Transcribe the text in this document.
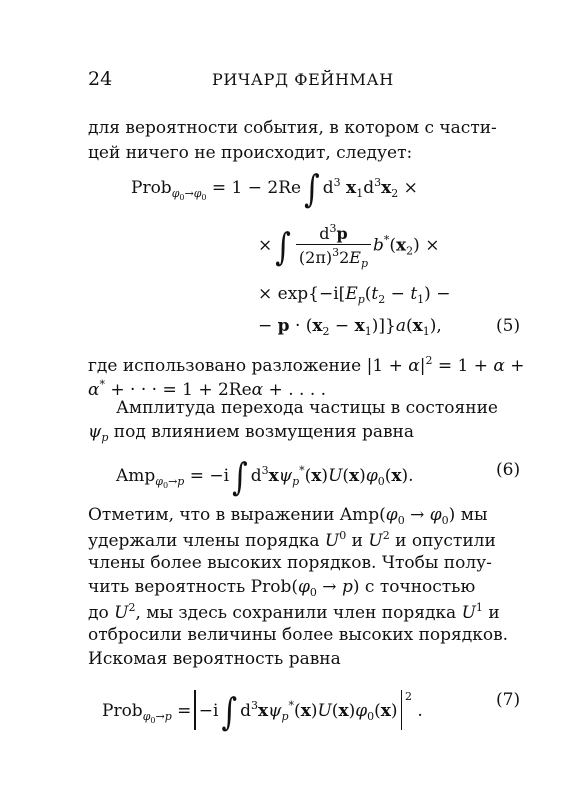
24	РИЧАРД ФЕЙНМАН
для вероятности события, в котором с части-
цей ничего не происходит, следует:
Prob$_{\varphi_0\to\varphi_0}$ = 1 − 2Re ∫ $d^3$ $x_1d^3x_2$ ×
× ∫ $\frac{d^3p}{(2\pi)^32E_p} b^*(x_2)$ ×
× $\exp\{-i[E_p(t_2 - t_1)$ −
− $p \cdot (x_2 - x_1)]\}a(x_1)$,	(5)
где использовано разложение $|1 + \alpha|^2 = 1 + \alpha$ +
α* + · · · = 1 + 2Reα + . . . .
Амплитуда перехода частицы в состояние
$\psi_p$ под влиянием возмущения равна
Amp$_{\varphi_0\to p}$ = −i ∫ $d^3x\psi_p^*(x)U(x)\varphi_0(x)$.	(6)
Отметим, что в выражении $Amp(\varphi_0 \to \varphi_0)$ мы
удержали члены порядка $U^0$ и $U^2$ и опустили
члены более высоких порядков. Чтобы полу-
чить вероятность $Prob(\varphi_0 \to p)$ с точностью
до $U^2$, мы здесь сохранили член порядка $U^1$ и
отбросили величины более высоких порядков.
Искомая вероятность равна
Prob$_{\varphi_0\to p}$ = −i ∫ $d^3x\psi_p^*(x)U(x)\varphi_0(x)^2$ .
(7)
